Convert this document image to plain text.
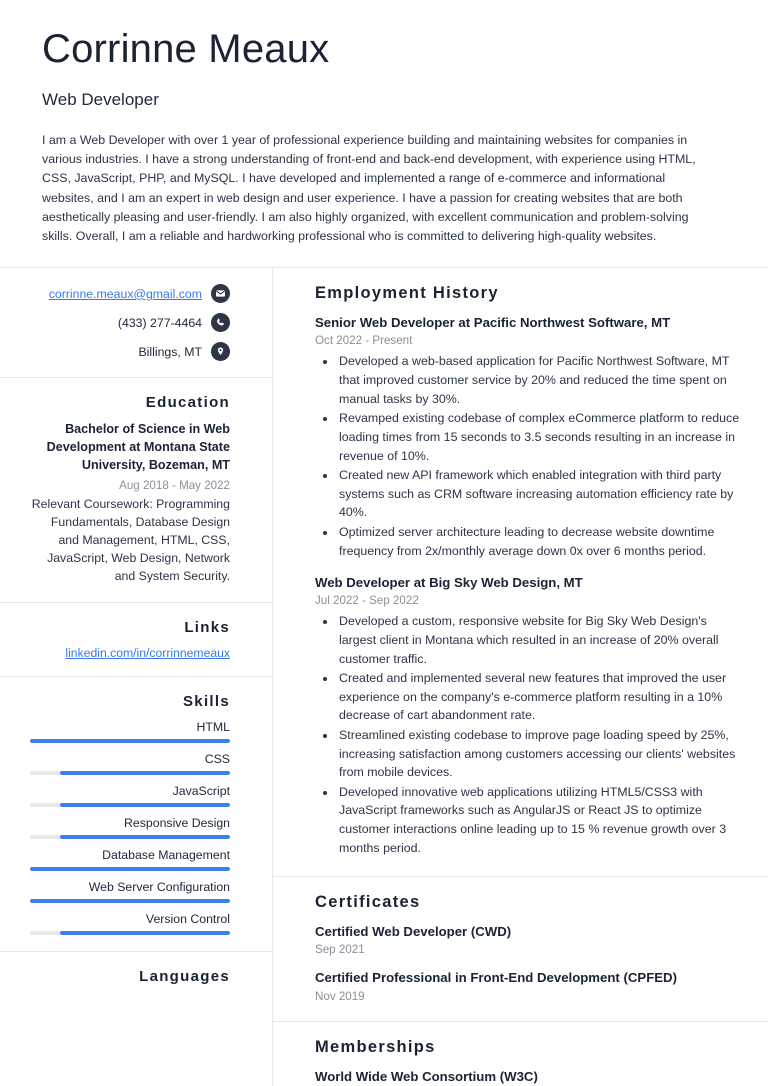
Corrinne Meaux
Web Developer
I am a Web Developer with over 1 year of professional experience building and maintaining websites for companies in various industries. I have a strong understanding of front-end and back-end development, with experience using HTML, CSS, JavaScript, PHP, and MySQL. I have developed and implemented a range of e-commerce and informational websites, and I am an expert in web design and user experience. I have a passion for creating websites that are both aesthetically pleasing and user-friendly. I am also highly organized, with excellent communication and problem-solving skills. Overall, I am a reliable and hardworking professional who is committed to delivering high-quality websites.
corrinne.meaux@gmail.com
(433) 277-4464
Billings, MT
Education
Bachelor of Science in Web Development at Montana State University, Bozeman, MT
Aug 2018 - May 2022
Relevant Coursework: Programming Fundamentals, Database Design and Management, HTML, CSS, JavaScript, Web Design, Network and System Security.
Links
linkedin.com/in/corrinnemeaux
Skills
HTML
CSS
JavaScript
Responsive Design
Database Management
Web Server Configuration
Version Control
Languages
Employment History
Senior Web Developer at Pacific Northwest Software, MT
Oct 2022 - Present
• Developed a web-based application for Pacific Northwest Software, MT that improved customer service by 20% and reduced the time spent on manual tasks by 30%.
• Revamped existing codebase of complex eCommerce platform to reduce loading times from 15 seconds to 3.5 seconds resulting in an increase in revenue of 10%.
• Created new API framework which enabled integration with third party systems such as CRM software increasing automation efficiency rate by 40%.
• Optimized server architecture leading to decrease website downtime frequency from 2x/monthly average down 0x over 6 months period.
Web Developer at Big Sky Web Design, MT
Jul 2022 - Sep 2022
• Developed a custom, responsive website for Big Sky Web Design's largest client in Montana which resulted in an increase of 20% overall customer traffic.
• Created and implemented several new features that improved the user experience on the company's e-commerce platform resulting in a 10% decrease of cart abandonment rate.
• Streamlined existing codebase to improve page loading speed by 25%, increasing satisfaction among customers accessing our clients' websites from mobile devices.
• Developed innovative web applications utilizing HTML5/CSS3 with JavaScript frameworks such as AngularJS or React JS to optimize customer interactions online leading up to 15 % revenue growth over 3 months period.
Certificates
Certified Web Developer (CWD)
Sep 2021
Certified Professional in Front-End Development (CPFED)
Nov 2019
Memberships
World Wide Web Consortium (W3C)
